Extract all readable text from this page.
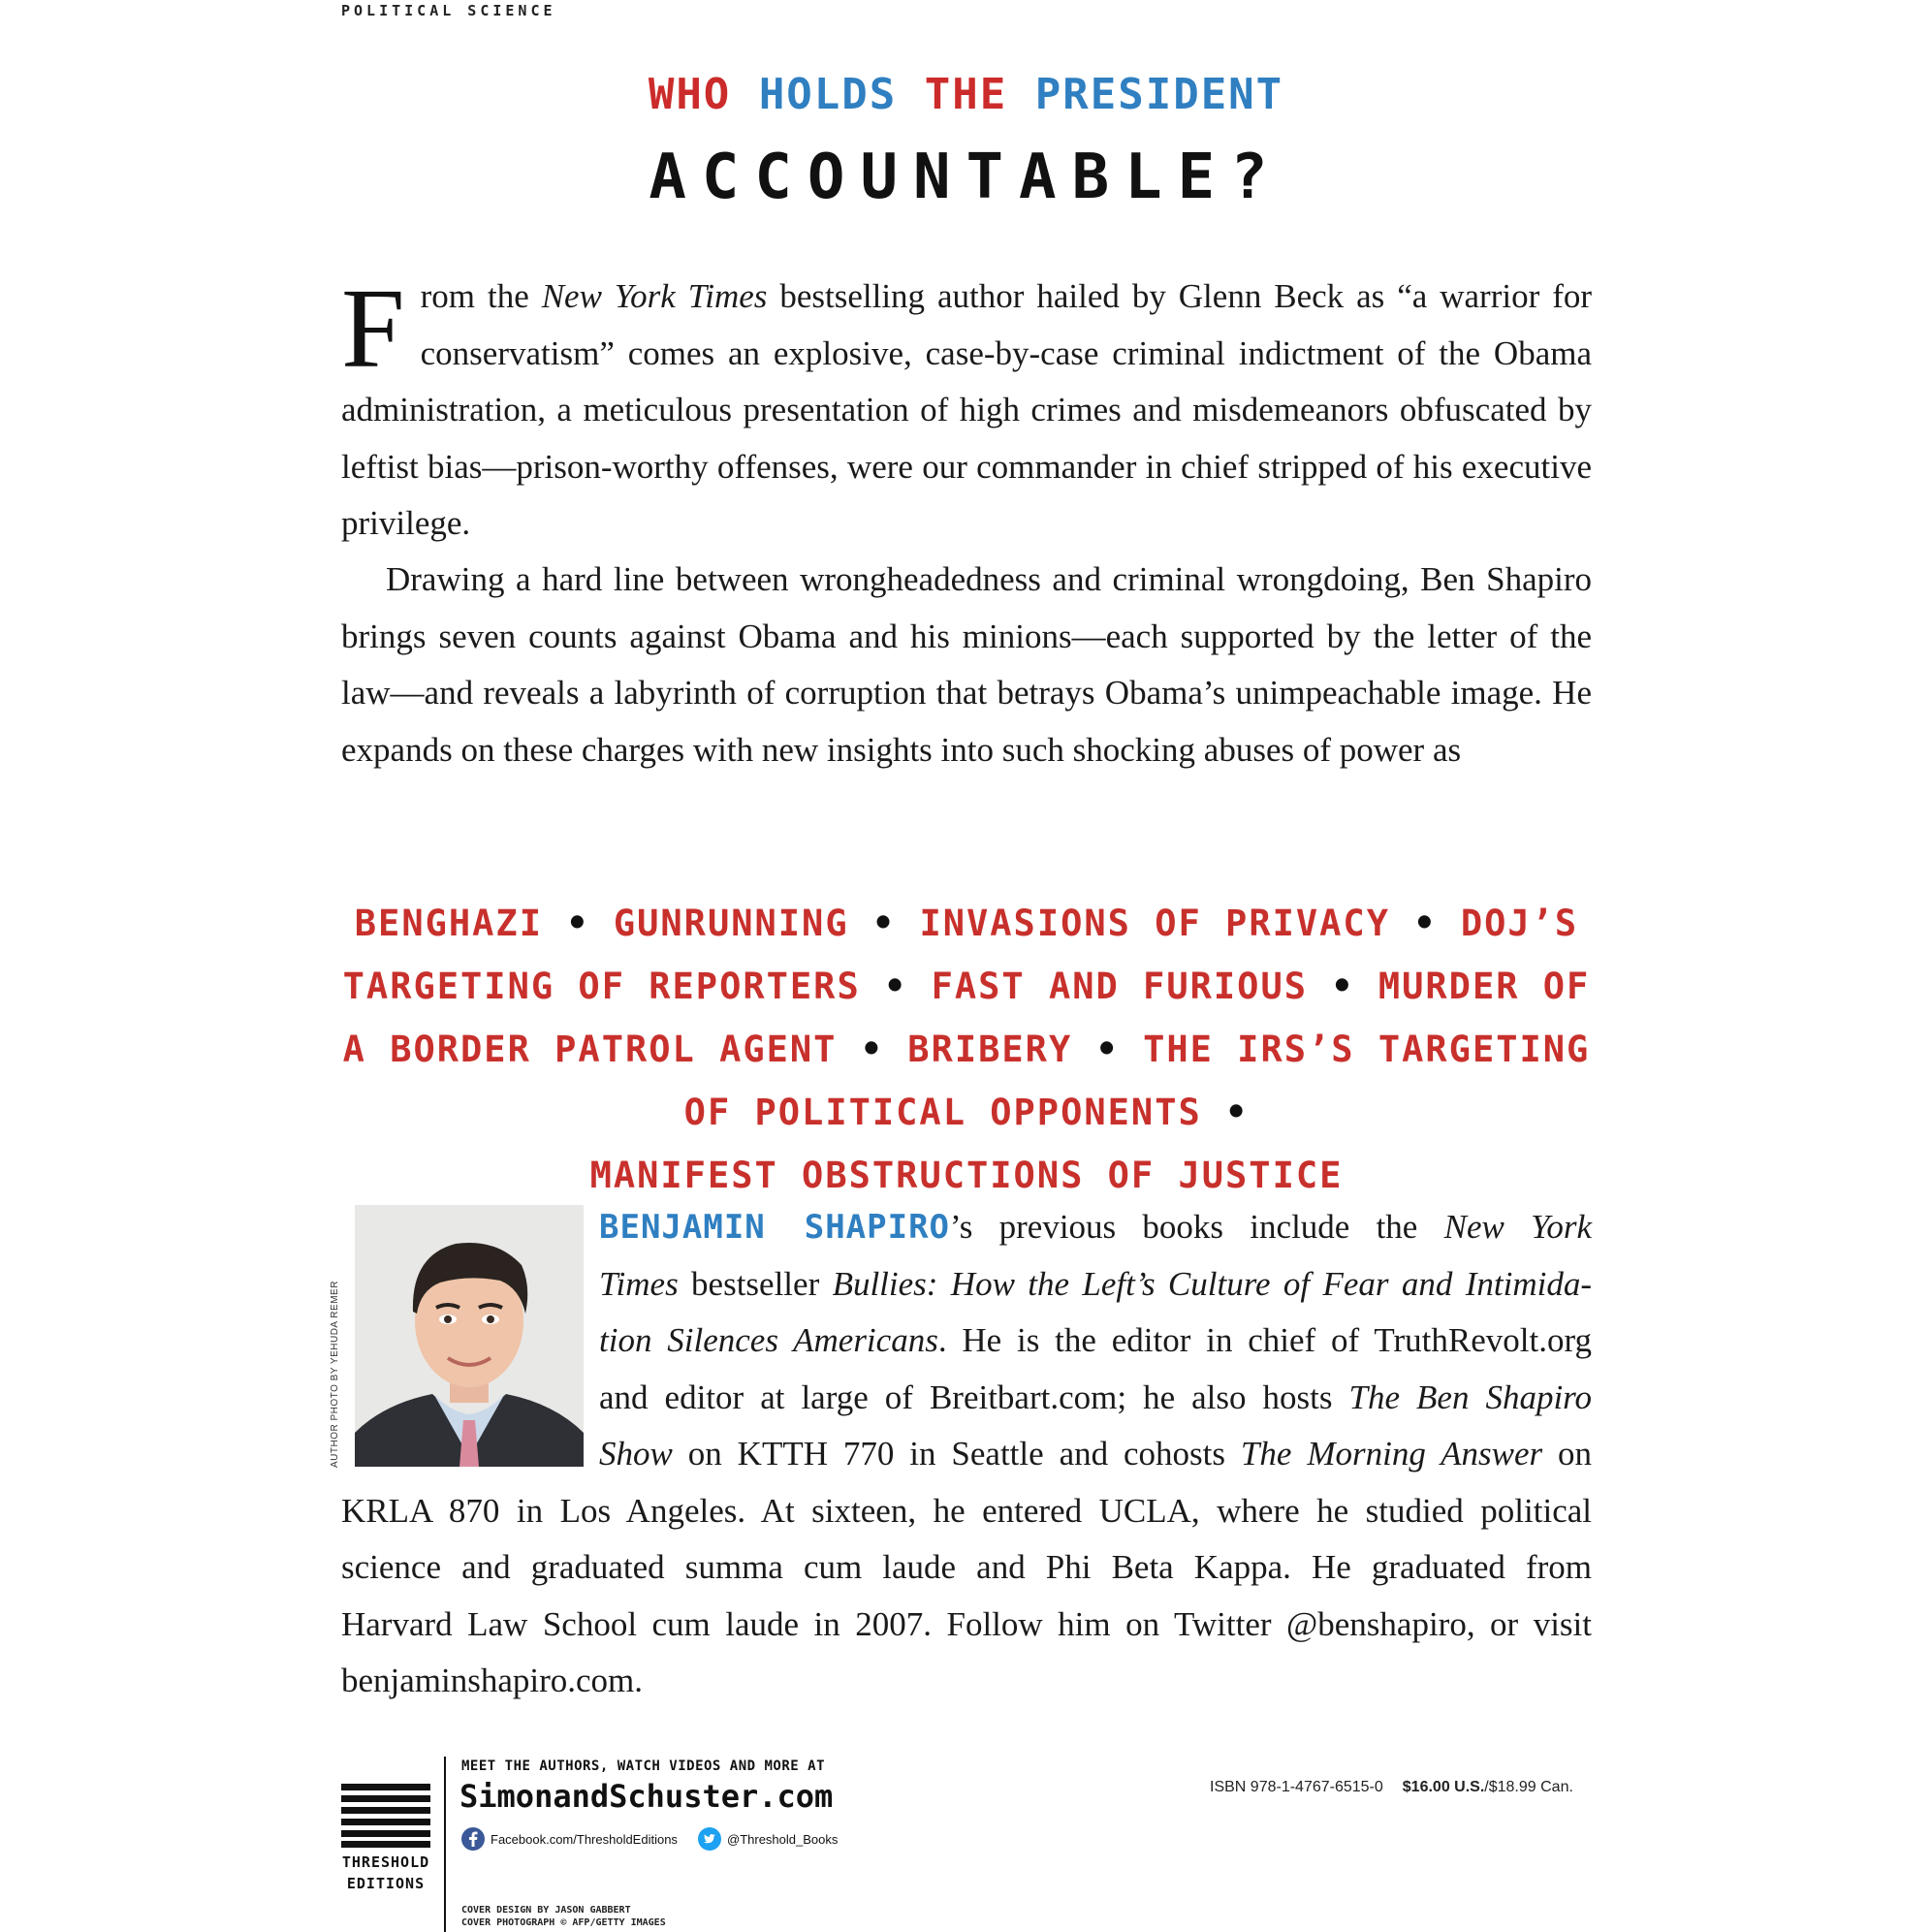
POLITICAL SCIENCE
WHO HOLDS THE PRESIDENT
ACCOUNTABLE?
From the New York Times bestselling author hailed by Glenn Beck as “a warrior for conservatism” comes an explosive, case-by-case criminal indictment of the Obama administration, a meticulous presentation of high crimes and misdemeanors obfuscated by leftist bias—prison-worthy offenses, were our commander in chief stripped of his executive privilege.
Drawing a hard line between wrongheadedness and criminal wrongdoing, Ben Shapiro brings seven counts against Obama and his minions—each supported by the letter of the law—and reveals a labyrinth of corruption that betrays Obama’s unimpeachable image. He expands on these charges with new insights into such shocking abuses of power as
BENGHAZI • GUNRUNNING • INVASIONS OF PRIVACY • DOJ’S TARGETING OF REPORTERS • FAST AND FURIOUS • MURDER OF A BORDER PATROL AGENT • BRIBERY • THE IRS’S TARGETING OF POLITICAL OPPONENTS •
MANIFEST OBSTRUCTIONS OF JUSTICE
AUTHOR PHOTO BY YEHUDA REMER
BENJAMIN SHAPIRO’s previous books include the New York
Times bestseller Bullies: How the Left’s Culture of Fear and Intimida-
tion Silences Americans. He is the editor in chief of TruthRevolt.org
and editor at large of Breitbart.com; he also hosts The Ben Shapiro
Show on KTTH 770 in Seattle and cohosts The Morning Answer on
KRLA 870 in Los Angeles. At sixteen, he entered UCLA, where he studied political
science and graduated summa cum laude and Phi Beta Kappa. He graduated from
Harvard Law School cum laude in 2007. Follow him on Twitter @benshapiro, or visit
benjaminshapiro.com.
THRESHOLD
EDITIONS
MEET THE AUTHORS, WATCH VIDEOS AND MORE AT
SimonandSchuster.com
Facebook.com/ThresholdEditions	@Threshold_Books
COVER DESIGN BY JASON GABBERT
COVER PHOTOGRAPH © AFP/GETTY IMAGES
ISBN 978-1-4767-6515-0 $16.00 U.S./$18.99 Can.
